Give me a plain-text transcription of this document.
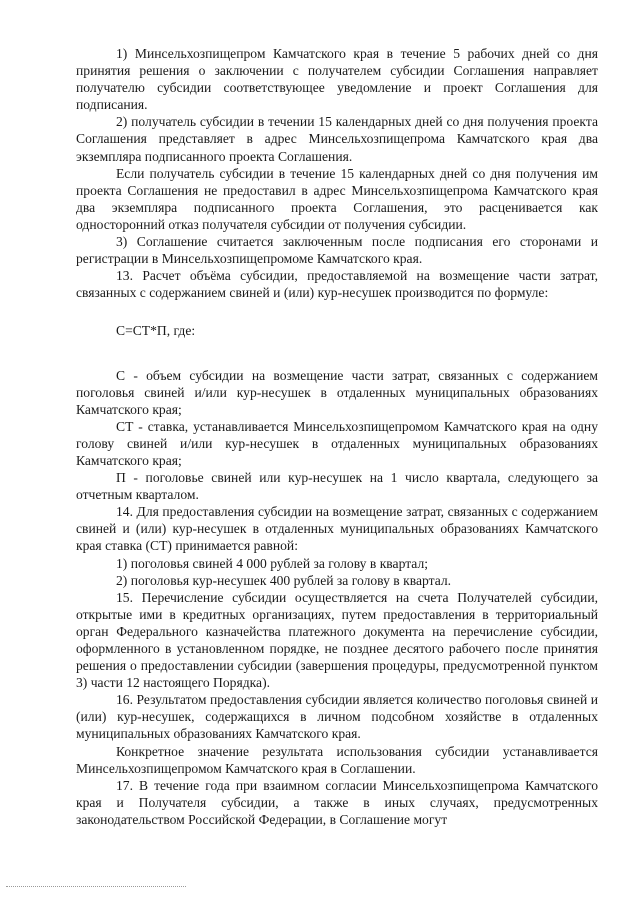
1) Минсельхозпищепром Камчатского края в течение 5 рабочих дней со дня принятия решения о заключении с получателем субсидии Соглашения направляет получателю субсидии соответствующее уведомление и проект Соглашения для подписания.

2) получатель субсидии в течении 15 календарных дней со дня получения проекта Соглашения представляет в адрес Минсельхозпищепрома Камчатского края два экземпляра подписанного проекта Соглашения.

Если получатель субсидии в течение 15 календарных дней со дня получения им проекта Соглашения не предоставил в адрес Минсельхозпищепрома Камчатского края два экземпляра подписанного проекта Соглашения, это расценивается как односторонний отказ получателя субсидии от получения субсидии.

3) Соглашение считается заключенным после подписания его сторонами и регистрации в Минсельхозпищепромоме Камчатского края.

13. Расчет объёма субсидии, предоставляемой на возмещение части затрат, связанных с содержанием свиней и (или) кур-несушек производится по формуле:

С=СТ*П, где:

С - объем субсидии на возмещение части затрат, связанных с содержанием поголовья свиней и/или кур-несушек в отдаленных муниципальных образованиях Камчатского края;

СТ - ставка, устанавливается Минсельхозпищепромом Камчатского края на одну голову свиней и/или кур-несушек в отдаленных муниципальных образованиях Камчатского края;

П - поголовье свиней или кур-несушек на 1 число квартала, следующего за отчетным кварталом.

14. Для предоставления субсидии на возмещение затрат, связанных с содержанием свиней и (или) кур-несушек в отдаленных муниципальных образованиях Камчатского края ставка (СТ) принимается равной:

1) поголовья свиней 4 000 рублей за голову в квартал;

2) поголовья кур-несушек 400 рублей за голову в квартал.

15. Перечисление субсидии осуществляется на счета Получателей субсидии, открытые ими в кредитных организациях, путем предоставления в территориальный орган Федерального казначейства платежного документа на перечисление субсидии, оформленного в установленном порядке, не позднее десятого рабочего после принятия решения о предоставлении субсидии (завершения процедуры, предусмотренной пунктом 3) части 12 настоящего Порядка).

16. Результатом предоставления субсидии является количество поголовья свиней и (или) кур-несушек, содержащихся в личном подсобном хозяйстве в отдаленных муниципальных образованиях Камчатского края.

Конкретное значение результата использования субсидии устанавливается Минсельхозпищепромом Камчатского края в Соглашении.

17. В течение года при взаимном согласии Минсельхозпищепрома Камчатского края и Получателя субсидии, а также в иных случаях, предусмотренных законодательством Российской Федерации, в Соглашение могут
